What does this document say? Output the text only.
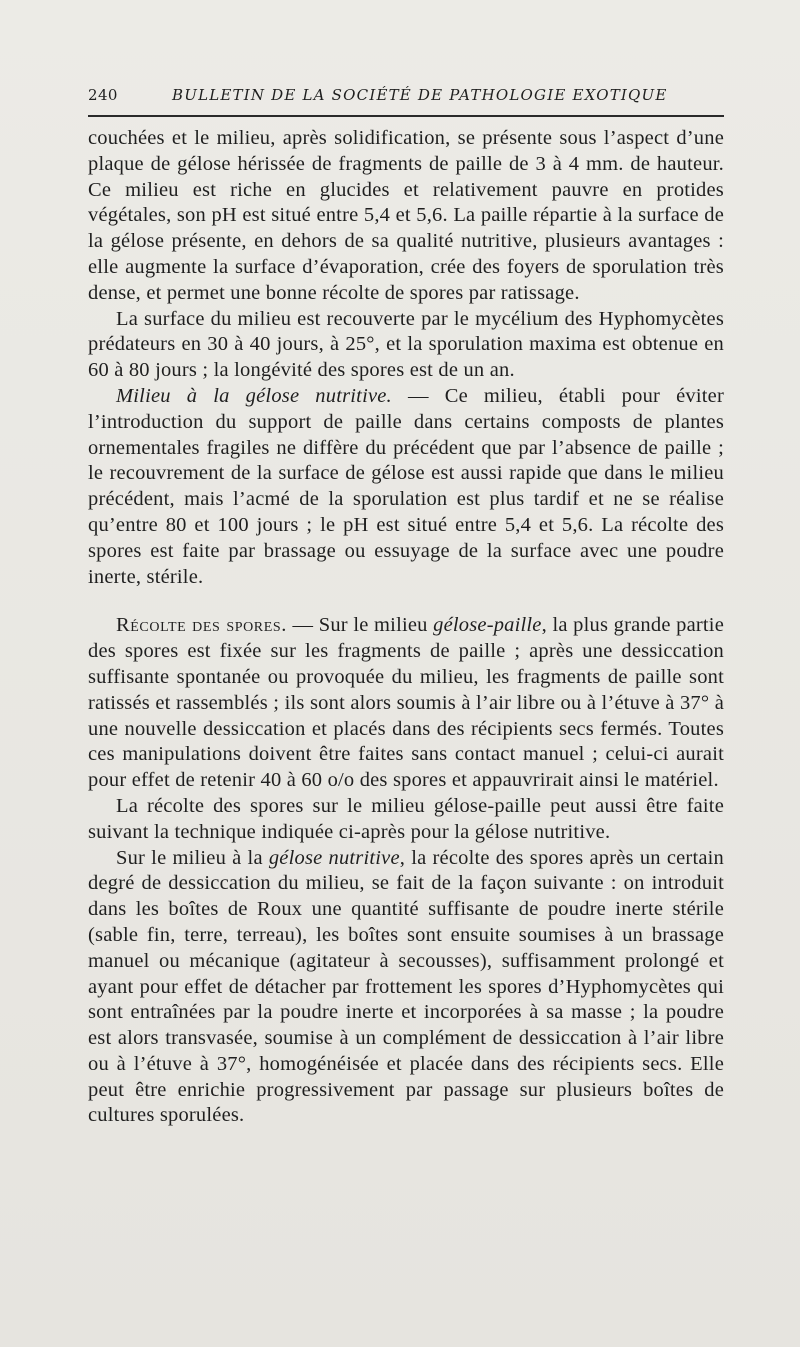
240	BULLETIN DE LA SOCIÉTÉ DE PATHOLOGIE EXOTIQUE

couchées et le milieu, après solidification, se présente sous l’aspect d’une plaque de gélose hérissée de fragments de paille de 3 à 4 mm. de hauteur. Ce milieu est riche en glucides et relativement pauvre en protides végétales, son pH est situé entre 5,4 et 5,6. La paille répartie à la surface de la gélose présente, en dehors de sa qualité nutritive, plusieurs avantages : elle augmente la surface d’évaporation, crée des foyers de sporulation très dense, et permet une bonne récolte de spores par ratissage.

La surface du milieu est recouverte par le mycélium des Hyphomycètes prédateurs en 30 à 40 jours, à 25°, et la sporulation maxima est obtenue en 60 à 80 jours ; la longévité des spores est de un an.

Milieu à la gélose nutritive. — Ce milieu, établi pour éviter l’introduction du support de paille dans certains composts de plantes ornementales fragiles ne diffère du précédent que par l’absence de paille ; le recouvrement de la surface de gélose est aussi rapide que dans le milieu précédent, mais l’acmé de la sporulation est plus tardif et ne se réalise qu’entre 80 et 100 jours ; le pH est situé entre 5,4 et 5,6. La récolte des spores est faite par brassage ou essuyage de la surface avec une poudre inerte, stérile.

Récolte des spores. — Sur le milieu gélose-paille, la plus grande partie des spores est fixée sur les fragments de paille ; après une dessiccation suffisante spontanée ou provoquée du milieu, les fragments de paille sont ratissés et rassemblés ; ils sont alors soumis à l’air libre ou à l’étuve à 37° à une nouvelle dessiccation et placés dans des récipients secs fermés. Toutes ces manipulations doivent être faites sans contact manuel ; celui-ci aurait pour effet de retenir 40 à 60 o/o des spores et appauvrirait ainsi le matériel.

La récolte des spores sur le milieu gélose-paille peut aussi être faite suivant la technique indiquée ci-après pour la gélose nutritive.

Sur le milieu à la gélose nutritive, la récolte des spores après un certain degré de dessiccation du milieu, se fait de la façon suivante : on introduit dans les boîtes de Roux une quantité suffisante de poudre inerte stérile (sable fin, terre, terreau), les boîtes sont ensuite soumises à un brassage manuel ou mécanique (agitateur à secousses), suffisamment prolongé et ayant pour effet de détacher par frottement les spores d’Hyphomycètes qui sont entraînées par la poudre inerte et incorporées à sa masse ; la poudre est alors transvasée, soumise à un complément de dessiccation à l’air libre ou à l’étuve à 37°, homogénéisée et placée dans des récipients secs. Elle peut être enrichie progressivement par passage sur plusieurs boîtes de cultures sporulées.
